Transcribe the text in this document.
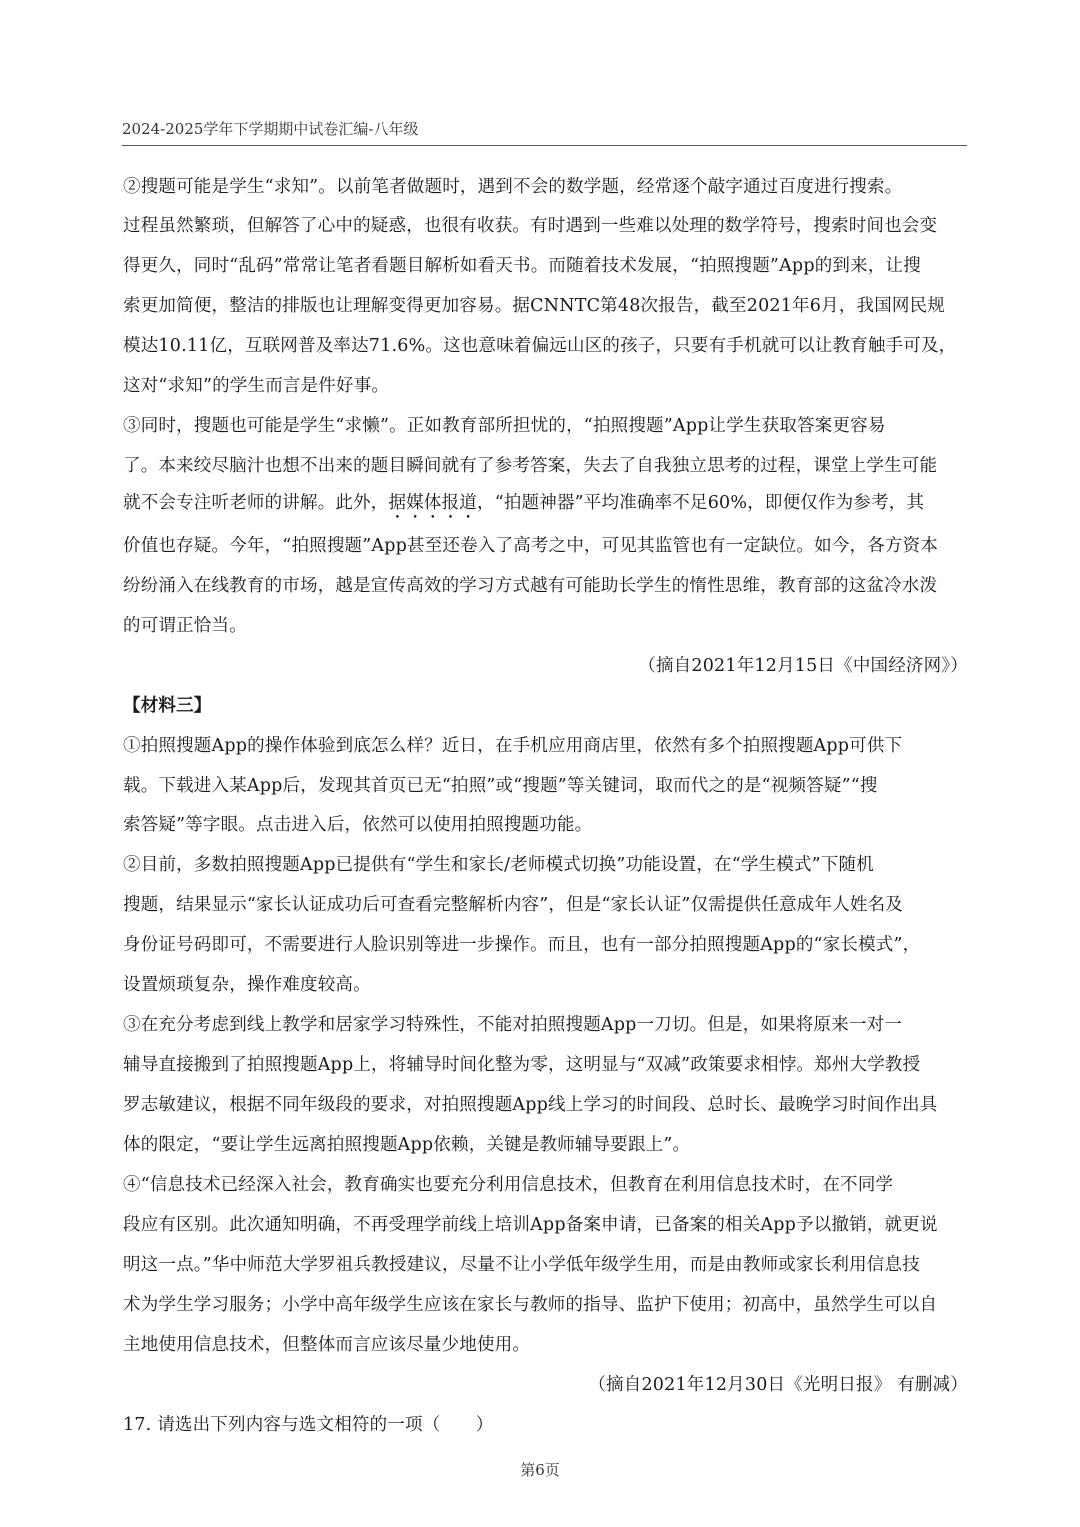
2024-2025学年下学期期中试卷汇编-八年级
②搜题可能是学生“求知”。以前笔者做题时，遇到不会的数学题，经常逐个敲字通过百度进行搜索。
过程虽然繁琐，但解答了心中的疑惑，也很有收获。有时遇到一些难以处理的数学符号，搜索时间也会变
得更久，同时“乱码”常常让笔者看题目解析如看天书。而随着技术发展，“拍照搜题”App的到来，让搜
索更加简便，整洁的排版也让理解变得更加容易。据CNNTC第48次报告，截至2021年6月，我国网民规
模达10.11亿，互联网普及率达71.6%。这也意味着偏远山区的孩子，只要有手机就可以让教育触手可及，
这对“求知”的学生而言是件好事。
③同时，搜题也可能是学生“求懒”。正如教育部所担忧的，“拍照搜题”App让学生获取答案更容易
了。本来绞尽脑汁也想不出来的题目瞬间就有了参考答案，失去了自我独立思考的过程，课堂上学生可能
就不会专注听老师的讲解。此外，据媒体报道，“拍题神器”平均准确率不足60%，即便仅作为参考，其
价值也存疑。今年，“拍照搜题”App甚至还卷入了高考之中，可见其监管也有一定缺位。如今，各方资本
纷纷涌入在线教育的市场，越是宣传高效的学习方式越有可能助长学生的惰性思维，教育部的这盆冷水泼
的可谓正恰当。
（摘自2021年12月15日《中国经济网》）
【材料三】
①拍照搜题App的操作体验到底怎么样？近日，在手机应用商店里，依然有多个拍照搜题App可供下
载。下载进入某App后，发现其首页已无“拍照”或“搜题”等关键词，取而代之的是“视频答疑”“搜
索答疑”等字眼。点击进入后，依然可以使用拍照搜题功能。
②目前，多数拍照搜题App已提供有“学生和家长/老师模式切换”功能设置，在“学生模式”下随机
搜题，结果显示“家长认证成功后可查看完整解析内容”，但是“家长认证”仅需提供任意成年人姓名及
身份证号码即可，不需要进行人脸识别等进一步操作。而且，也有一部分拍照搜题App的“家长模式”，
设置烦琐复杂，操作难度较高。
③在充分考虑到线上教学和居家学习特殊性，不能对拍照搜题App一刀切。但是，如果将原来一对一
辅导直接搬到了拍照搜题App上，将辅导时间化整为零，这明显与“双减”政策要求相悖。郑州大学教授
罗志敏建议，根据不同年级段的要求，对拍照搜题App线上学习的时间段、总时长、最晚学习时间作出具
体的限定，“要让学生远离拍照搜题App依赖，关键是教师辅导要跟上”。
④“信息技术已经深入社会，教育确实也要充分利用信息技术，但教育在利用信息技术时，在不同学
段应有区别。此次通知明确，不再受理学前线上培训App备案申请，已备案的相关App予以撤销，就更说
明这一点。”华中师范大学罗祖兵教授建议，尽量不让小学低年级学生用，而是由教师或家长利用信息技
术为学生学习服务；小学中高年级学生应该在家长与教师的指导、监护下使用；初高中，虽然学生可以自
主地使用信息技术，但整体而言应该尽量少地使用。
（摘自2021年12月30日《光明日报》 有删减）
17. 请选出下列内容与选文相符的一项（　　）
第6页
